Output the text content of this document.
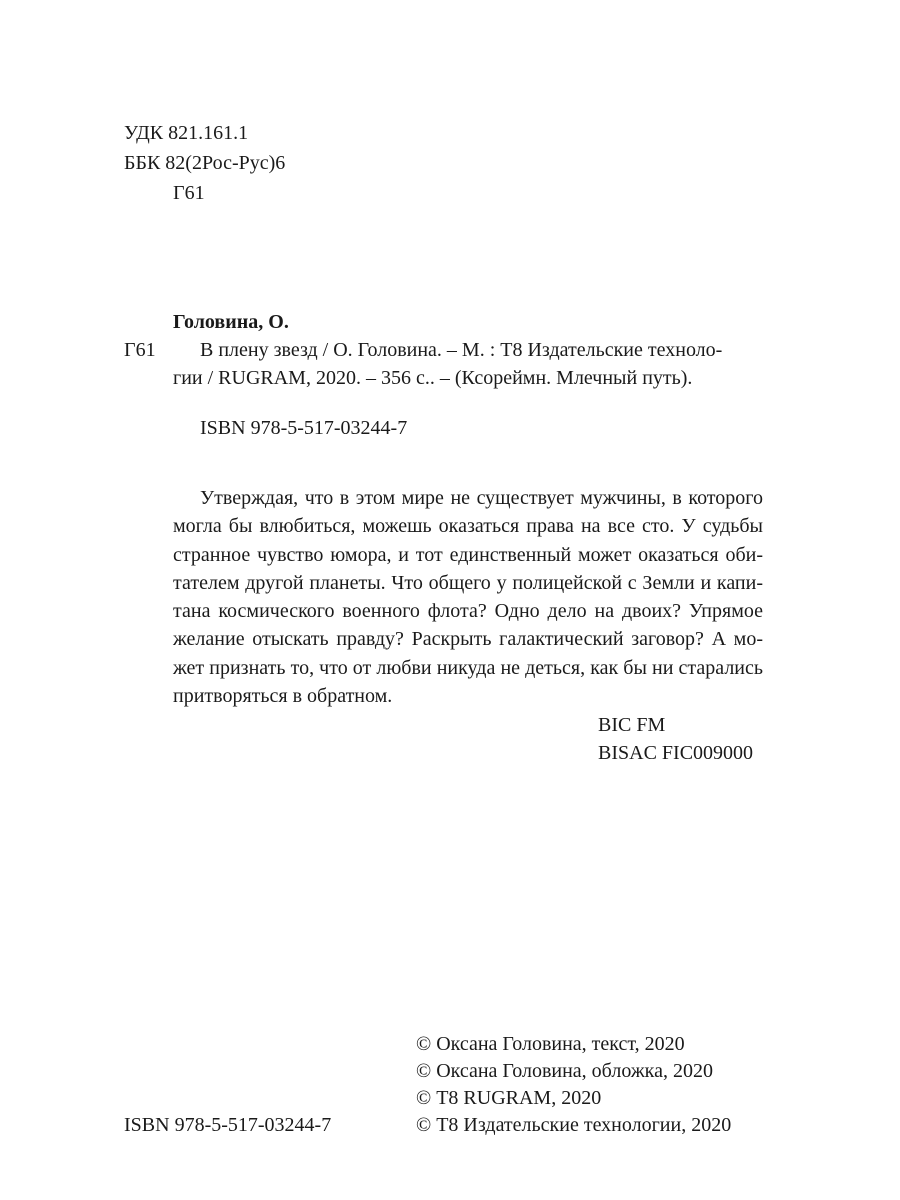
УДК 821.161.1
ББК 82(2Рос-Рус)6
Г61
Головина, О.
Г61 В плену звезд / О. Головина. – М. : Т8 Издательские техноло-
гии / RUGRAM, 2020. – 356 с.. – (Ксореймн. Млечный путь).
ISBN 978-5-517-03244-7
Утверждая, что в этом мире не существует мужчины, в которого
могла бы влюбиться, можешь оказаться права на все сто. У судьбы
странное чувство юмора, и тот единственный может оказаться оби-
тателем другой планеты. Что общего у полицейской с Земли и капи-
тана космического военного флота? Одно дело на двоих? Упрямое
желание отыскать правду? Раскрыть галактический заговор? А мо-
жет признать то, что от любви никуда не деться, как бы ни старались
притворяться в обратном.
BIC FM
BISAC FIC009000
ISBN 978-5-517-03244-7
© Оксана Головина, текст, 2020
© Оксана Головина, обложка, 2020
© Т8 RUGRAM, 2020
© Т8 Издательские технологии, 2020
